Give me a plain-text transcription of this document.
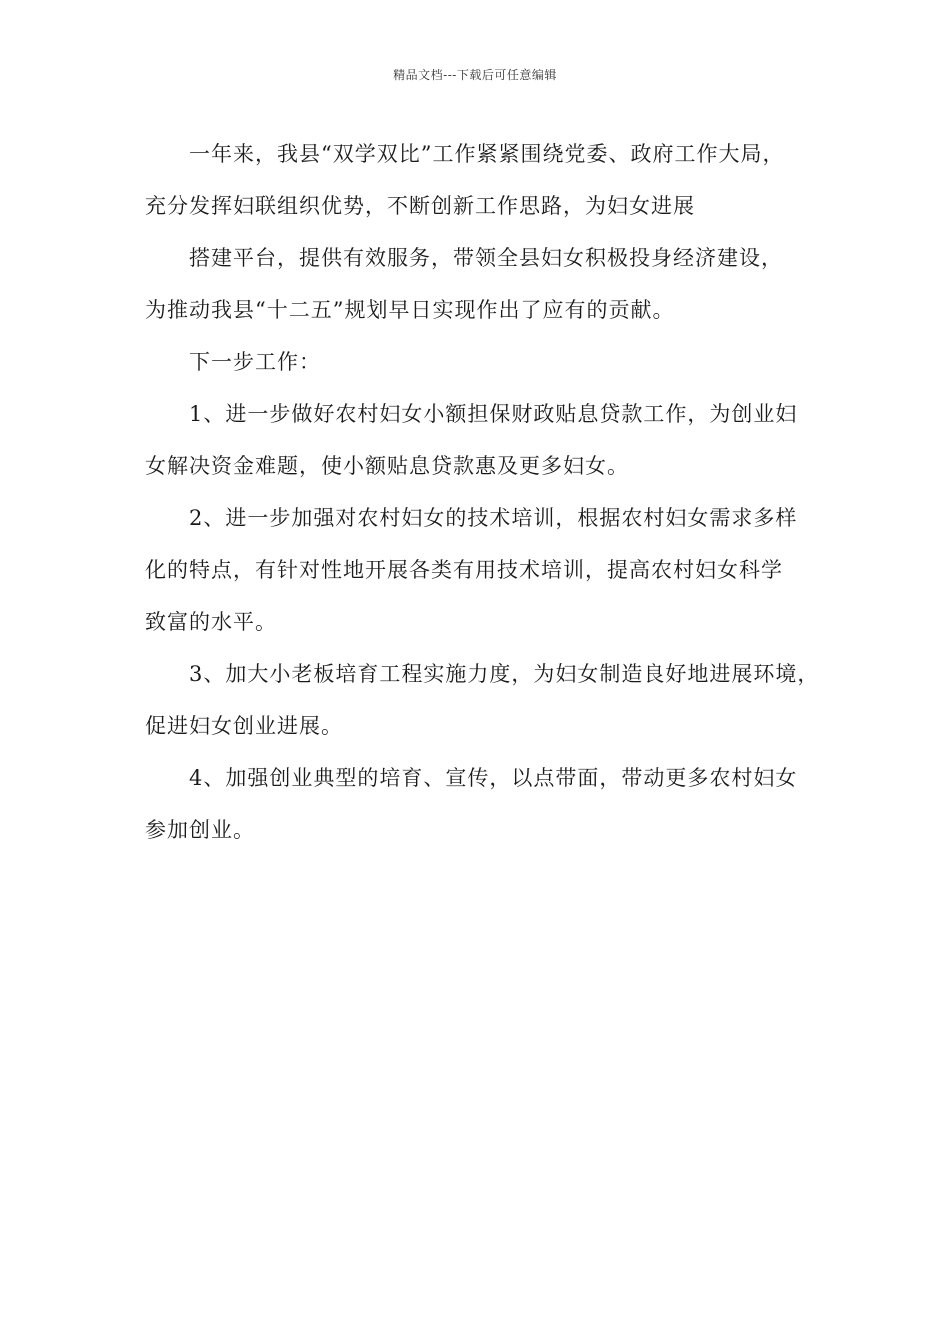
精品文档---下载后可任意编辑

一年来，我县“双学双比”工作紧紧围绕党委、政府工作大局，
充分发挥妇联组织优势，不断创新工作思路，为妇女进展

搭建平台，提供有效服务，带领全县妇女积极投身经济建设，
为推动我县“十二五”规划早日实现作出了应有的贡献。

下一步工作：

1、进一步做好农村妇女小额担保财政贴息贷款工作，为创业妇
女解决资金难题，使小额贴息贷款惠及更多妇女。

2、进一步加强对农村妇女的技术培训，根据农村妇女需求多样
化的特点，有针对性地开展各类有用技术培训，提高农村妇女科学
致富的水平。

3、加大小老板培育工程实施力度，为妇女制造良好地进展环境，
促进妇女创业进展。

4、加强创业典型的培育、宣传，以点带面，带动更多农村妇女
参加创业。
